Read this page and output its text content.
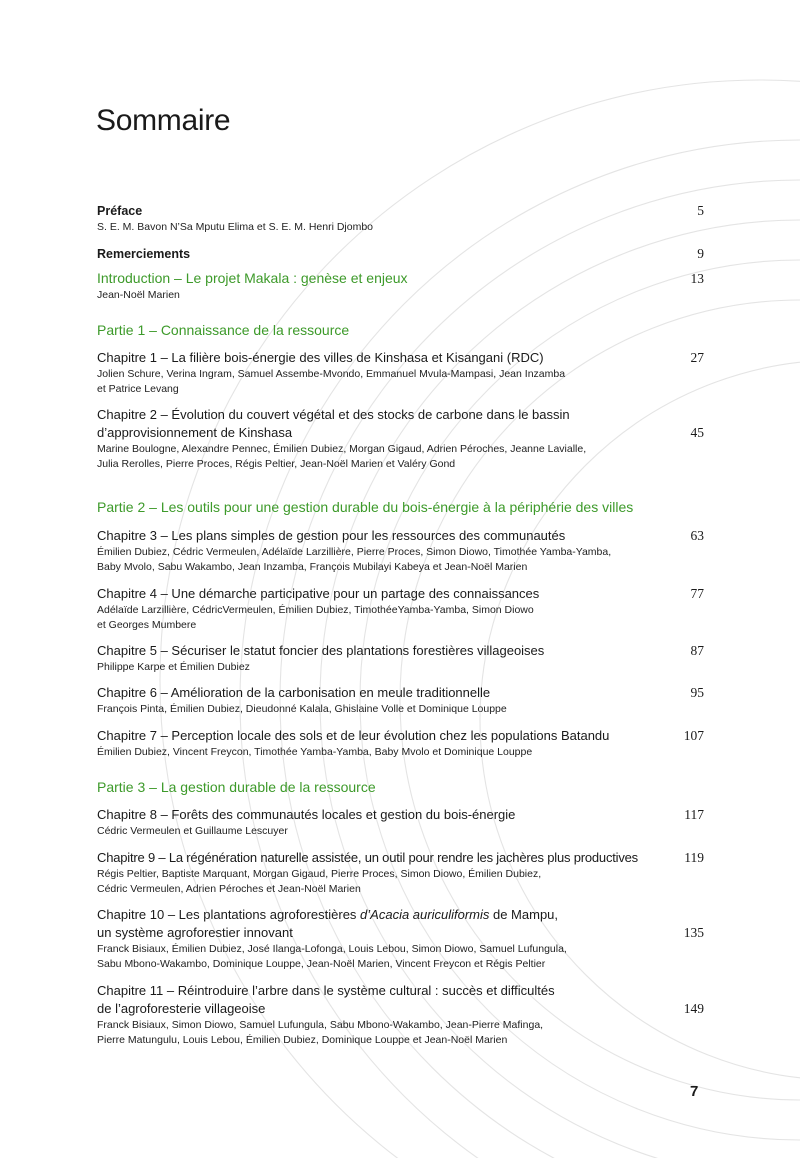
Sommaire
Préface	5
S. E. M. Bavon N’Sa Mputu Elima et S. E. M. Henri Djombo
Remerciements	9
Introduction – Le projet Makala : genèse et enjeux	13
Jean-Noël Marien
Partie 1 – Connaissance de la ressource
Chapitre 1 – La filière bois-énergie des villes de Kinshasa et Kisangani (RDC)	27
Jolien Schure, Verina Ingram, Samuel Assembe-Mvondo, Emmanuel Mvula-Mampasi, Jean Inzamba
et Patrice Levang
Chapitre 2 – Évolution du couvert végétal et des stocks de carbone dans le bassin
d’approvisionnement de Kinshasa	45
Marine Boulogne, Alexandre Pennec, Émilien Dubiez, Morgan Gigaud, Adrien Péroches, Jeanne Lavialle,
Julia Rerolles, Pierre Proces, Régis Peltier, Jean-Noël Marien et Valéry Gond
Partie 2 – Les outils pour une gestion durable du bois-énergie à la périphérie des villes
Chapitre 3 – Les plans simples de gestion pour les ressources des communautés	63
Émilien Dubiez, Cédric Vermeulen, Adélaïde Larzillière, Pierre Proces, Simon Diowo, Timothée Yamba-Yamba,
Baby Mvolo, Sabu Wakambo, Jean Inzamba, François Mubilayi Kabeya et Jean-Noël Marien
Chapitre 4 – Une démarche participative pour un partage des connaissances	77
Adélaïde Larzillière, CédricVermeulen, Émilien Dubiez, TimothéeYamba-Yamba, Simon Diowo
et Georges Mumbere
Chapitre 5 – Sécuriser le statut foncier des plantations forestières villageoises	87
Philippe Karpe et Émilien Dubiez
Chapitre 6 – Amélioration de la carbonisation en meule traditionnelle	95
François Pinta, Émilien Dubiez, Dieudonné Kalala, Ghislaine Volle et Dominique Louppe
Chapitre 7 – Perception locale des sols et de leur évolution chez les populations Batandu	107
Émilien Dubiez, Vincent Freycon, Timothée Yamba-Yamba, Baby Mvolo et Dominique Louppe
Partie 3 – La gestion durable de la ressource
Chapitre 8 – Forêts des communautés locales et gestion du bois-énergie	117
Cédric Vermeulen et Guillaume Lescuyer
Chapitre 9 – La régénération naturelle assistée, un outil pour rendre les jachères plus productives	119
Régis Peltier, Baptiste Marquant, Morgan Gigaud, Pierre Proces, Simon Diowo, Émilien Dubiez,
Cédric Vermeulen, Adrien Péroches et Jean-Noël Marien
Chapitre 10 – Les plantations agroforestières d’Acacia auriculiformis de Mampu,
un système agroforestier innovant	135
Franck Bisiaux, Émilien Dubiez, José Ilanga-Lofonga, Louis Lebou, Simon Diowo, Samuel Lufungula,
Sabu Mbono-Wakambo, Dominique Louppe, Jean-Noël Marien, Vincent Freycon et Régis Peltier
Chapitre 11 – Réintroduire l’arbre dans le système cultural : succès et difficultés
de l’agroforesterie villageoise	149
Franck Bisiaux, Simon Diowo, Samuel Lufungula, Sabu Mbono-Wakambo, Jean-Pierre Mafinga,
Pierre Matungulu, Louis Lebou, Émilien Dubiez, Dominique Louppe et Jean-Noël Marien
7
